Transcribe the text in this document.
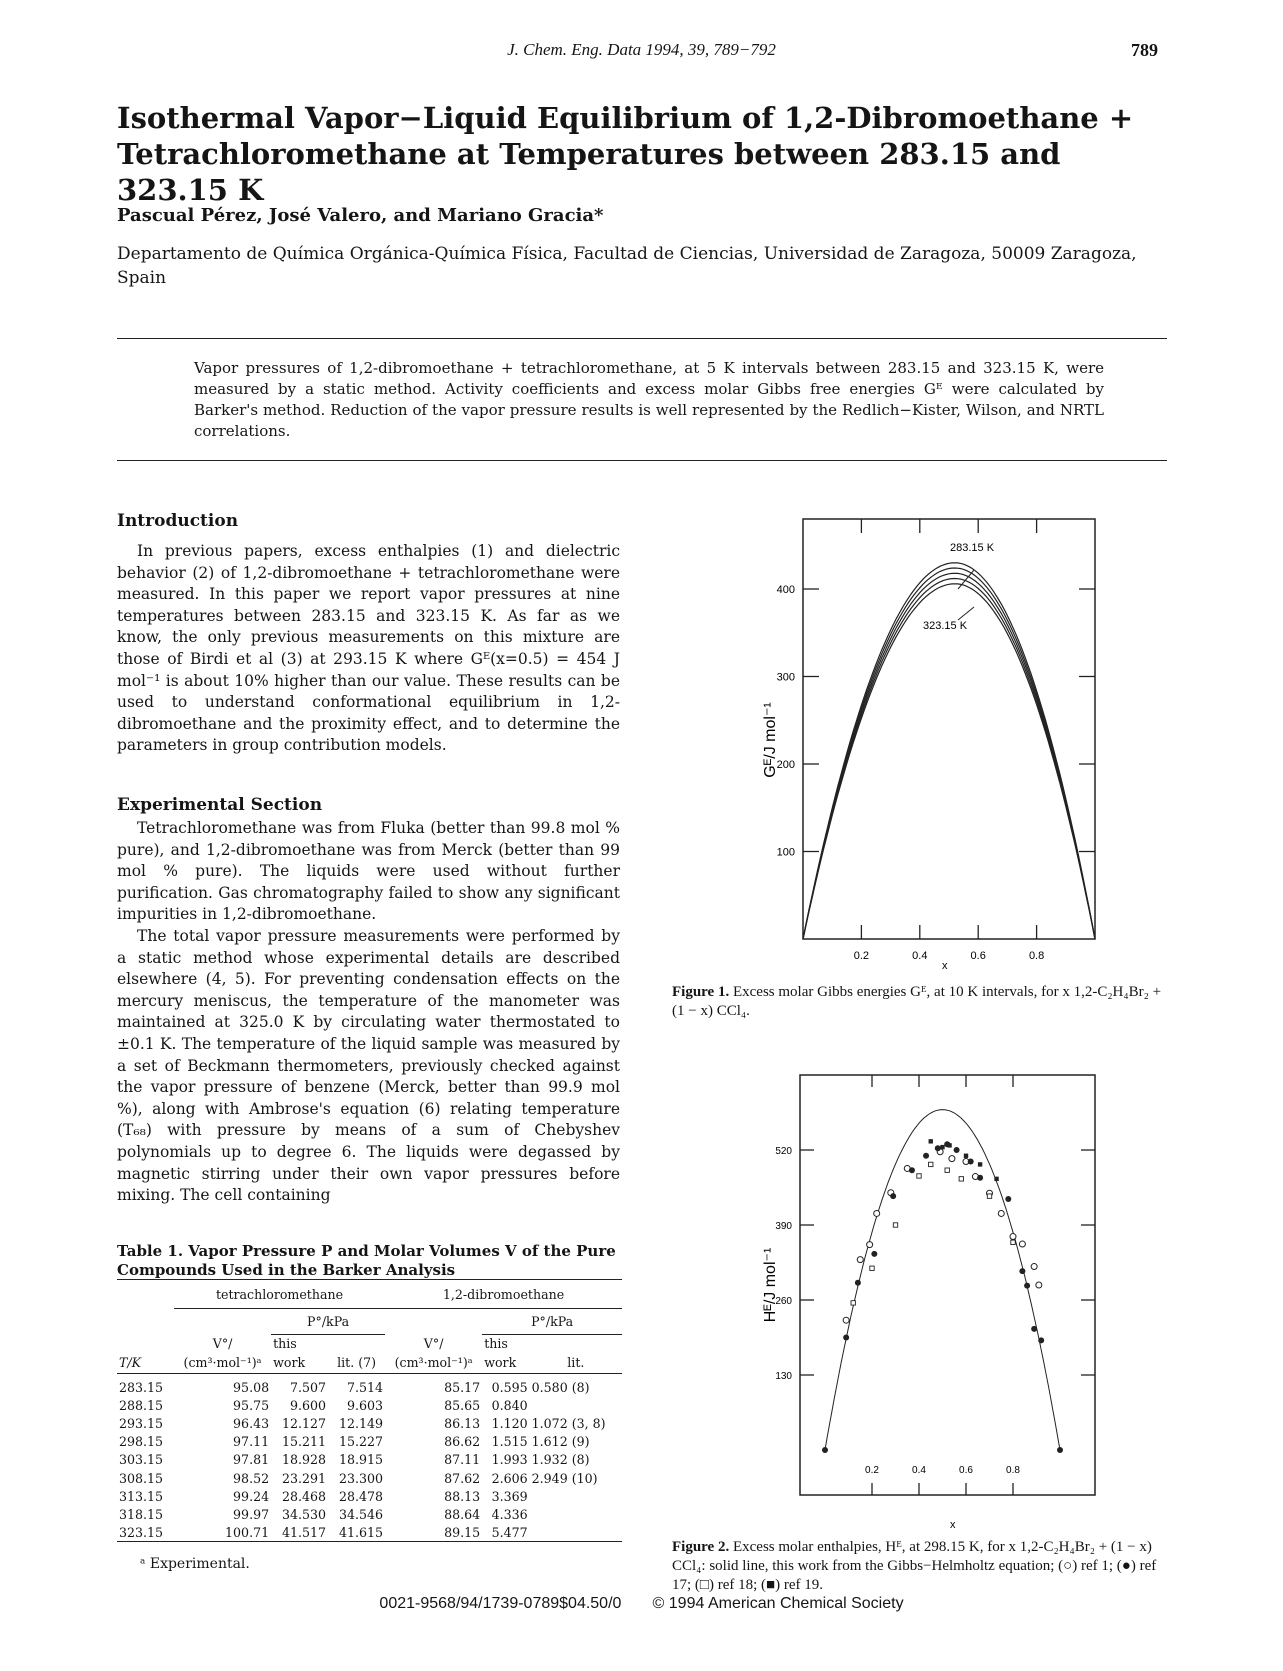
J. Chem. Eng. Data 1994, 39, 789−792	789
Isothermal Vapor−Liquid Equilibrium of 1,2-Dibromoethane + Tetrachloromethane at Temperatures between 283.15 and 323.15 K
Pascual Pérez, José Valero, and Mariano Gracia*
Departamento de Química Orgánica-Química Física, Facultad de Ciencias, Universidad de Zaragoza, 50009 Zaragoza, Spain
Vapor pressures of 1,2-dibromoethane + tetrachloromethane, at 5 K intervals between 283.15 and 323.15 K, were measured by a static method. Activity coefficients and excess molar Gibbs free energies Gᴱ were calculated by Barker's method. Reduction of the vapor pressure results is well represented by the Redlich−Kister, Wilson, and NRTL correlations.
Introduction

In previous papers, excess enthalpies (1) and dielectric behavior (2) of 1,2-dibromoethane + tetrachloromethane were measured. In this paper we report vapor pressures at nine temperatures between 283.15 and 323.15 K. As far as we know, the only previous measurements on this mixture are those of Birdi et al (3) at 293.15 K where Gᴱ(x=0.5) = 454 J mol⁻¹ is about 10% higher than our value. These results can be used to understand conformational equilibrium in 1,2-dibromoethane and the proximity effect, and to determine the parameters in group contribution models.

Experimental Section

Tetrachloromethane was from Fluka (better than 99.8 mol % pure), and 1,2-dibromoethane was from Merck (better than 99 mol % pure). The liquids were used without further purification. Gas chromatography failed to show any significant impurities in 1,2-dibromoethane.

The total vapor pressure measurements were performed by a static method whose experimental details are described elsewhere (4, 5). For preventing condensation effects on the mercury meniscus, the temperature of the manometer was maintained at 325.0 K by circulating water thermostated to ±0.1 K. The temperature of the liquid sample was measured by a set of Beckmann thermometers, previously checked against the vapor pressure of benzene (Merck, better than 99.9 mol %), along with Ambrose's equation (6) relating temperature (T₆₈) with pressure by means of a sum of Chebyshev polynomials up to degree 6. The liquids were degassed by magnetic stirring under their own vapor pressures before mixing. The cell containing

Table 1. Vapor Pressure P and Molar Volumes V of the Pure Compounds Used in the Barker Analysis
	tetrachloromethane			1,2-dibromoethane		
		P°/kPa			P°/kPa	
	V°/	this		V°/	this	
T/K	(cm³·mol⁻¹)ᵃ	work	lit. (7)	(cm³·mol⁻¹)ᵃ	work	lit.

283.15	95.08	7.507	7.514	85.17	0.595	0.580 (8)
288.15	95.75	9.600	9.603	85.65	0.840	
293.15	96.43	12.127	12.149	86.13	1.120	1.072 (3, 8)
298.15	97.11	15.211	15.227	86.62	1.515	1.612 (9)
303.15	97.81	18.928	18.915	87.11	1.993	1.932 (8)
308.15	98.52	23.291	23.300	87.62	2.606	2.949 (10)
313.15	99.24	28.468	28.478	88.13	3.369	
318.15	99.97	34.530	34.546	88.64	4.336	
323.15	100.71	41.517	41.615	89.15	5.477	
ᵃ Experimental.
0.2	0.4	0.6	0.8
100
200
300
400
283.15 K
323.15 K
x
Gᴱ/J mol⁻¹
Figure 1. Excess molar Gibbs energies Gᴱ, at 10 K intervals, for x 1,2-C₂H₄Br₂ + (1 − x) CCl₄.
0.2	0.4	0.6	0.8
130
260
390
520
x
Hᴱ/J mol⁻¹
Figure 2. Excess molar enthalpies, Hᴱ, at 298.15 K, for x 1,2-C₂H₄Br₂ + (1 − x) CCl₄: solid line, this work from the Gibbs−Helmholtz equation; (○) ref 1; (●) ref 17; (□) ref 18; (■) ref 19.
0021-9568/94/1739-0789$04.50/0 © 1994 American Chemical Society
